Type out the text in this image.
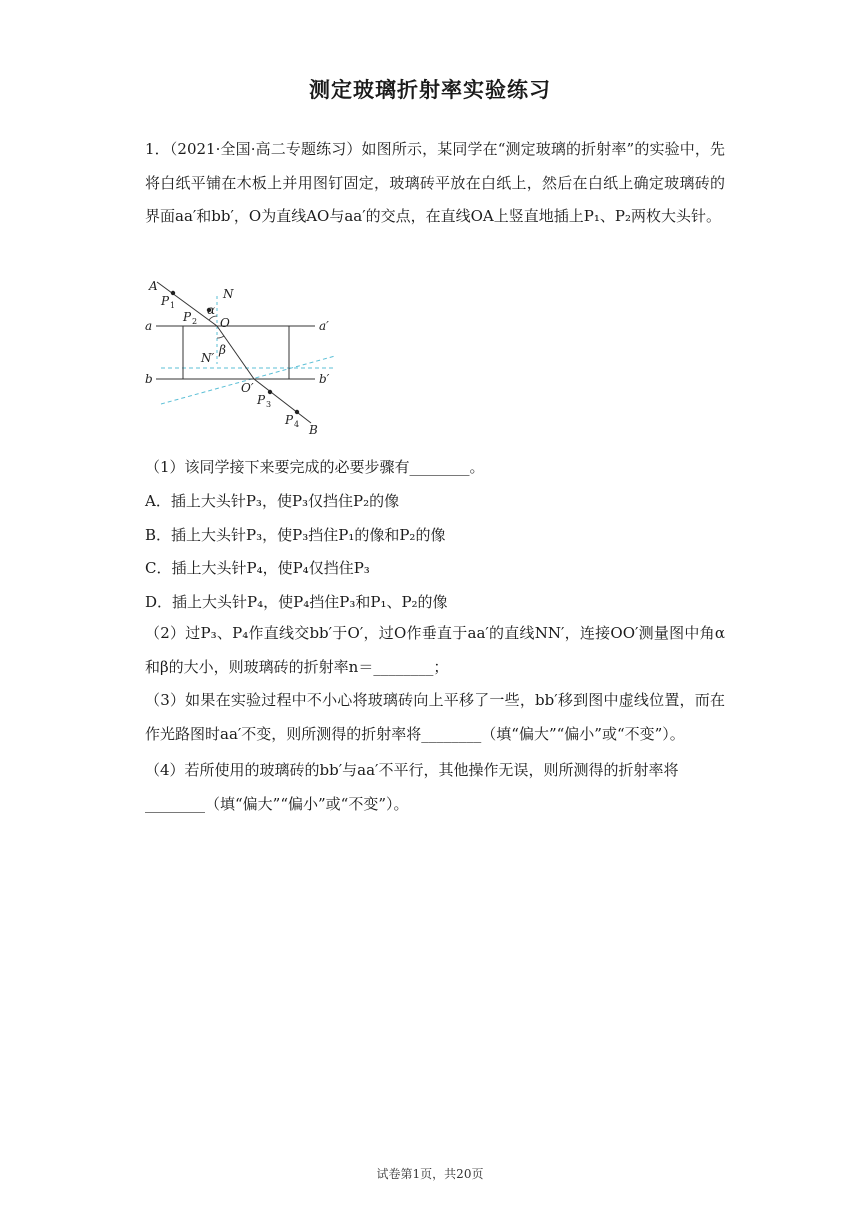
测定玻璃折射率实验练习
1．（2021·全国·高二专题练习）如图所示，某同学在“测定玻璃的折射率”的实验中，先将白纸平铺在木板上并用图钉固定，玻璃砖平放在白纸上，然后在白纸上确定玻璃砖的界面aa′和bb′，O为直线AO与aa′的交点，在直线OA上竖直地插上P₁、P₂两枚大头针。
A
P 1
P 2
N
α
O
a	a′
β
N′
b	b′
O′
P 3
P 4 B
（1）该同学接下来要完成的必要步骤有________。
A．插上大头针P₃，使P₃仅挡住P₂的像
B．插上大头针P₃，使P₃挡住P₁的像和P₂的像
C．插上大头针P₄，使P₄仅挡住P₃
D．插上大头针P₄，使P₄挡住P₃和P₁、P₂的像
（2）过P₃、P₄作直线交bb′于O′，过O作垂直于aa′的直线NN′，连接OO′测量图中角α和β的大小，则玻璃砖的折射率n＝________；
（3）如果在实验过程中不小心将玻璃砖向上平移了一些，bb′移到图中虚线位置，而在作光路图时aa′不变，则所测得的折射率将________（填“偏大”“偏小”或“不变”）。
（4）若所使用的玻璃砖的bb′与aa′不平行，其他操作无误，则所测得的折射率将
________（填“偏大”“偏小”或“不变”）。
试卷第1页，共20页
